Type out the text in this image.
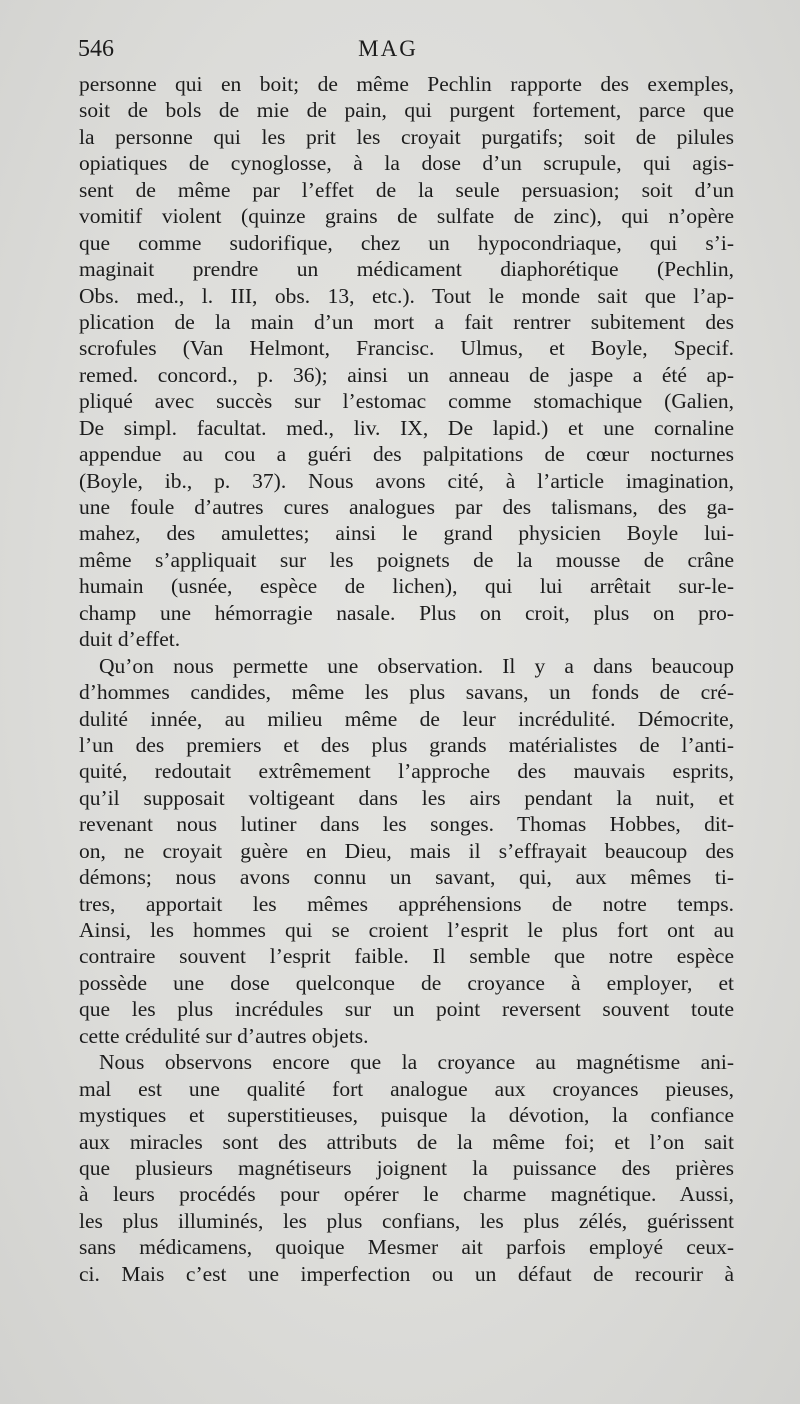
546	MAG
personne qui en boit; de même Pechlin rapporte des exemples,
soit de bols de mie de pain, qui purgent fortement, parce que
la personne qui les prit les croyait purgatifs; soit de pilules
opiatiques de cynoglosse, à la dose d’un scrupule, qui agis-
sent de même par l’effet de la seule persuasion; soit d’un
vomitif violent (quinze grains de sulfate de zinc), qui n’opère
que comme sudorifique, chez un hypocondriaque, qui s’i-
maginait prendre un médicament diaphorétique (Pechlin,
Obs. med., l. III, obs. 13, etc.). Tout le monde sait que l’ap-
plication de la main d’un mort a fait rentrer subitement des
scrofules (Van Helmont, Francisc. Ulmus, et Boyle, Specif.
remed. concord., p. 36); ainsi un anneau de jaspe a été ap-
pliqué avec succès sur l’estomac comme stomachique (Galien,
De simpl. facultat. med., liv. IX, De lapid.) et une cornaline
appendue au cou a guéri des palpitations de cœur nocturnes
(Boyle, ib., p. 37). Nous avons cité, à l’article imagination,
une foule d’autres cures analogues par des talismans, des ga-
mahez, des amulettes; ainsi le grand physicien Boyle lui-
même s’appliquait sur les poignets de la mousse de crâne
humain (usnée, espèce de lichen), qui lui arrêtait sur-le-
champ une hémorragie nasale. Plus on croit, plus on pro-
duit d’effet.
Qu’on nous permette une observation. Il y a dans beaucoup
d’hommes candides, même les plus savans, un fonds de cré-
dulité innée, au milieu même de leur incrédulité. Démocrite,
l’un des premiers et des plus grands matérialistes de l’anti-
quité, redoutait extrêmement l’approche des mauvais esprits,
qu’il supposait voltigeant dans les airs pendant la nuit, et
revenant nous lutiner dans les songes. Thomas Hobbes, dit-
on, ne croyait guère en Dieu, mais il s’effrayait beaucoup des
démons; nous avons connu un savant, qui, aux mêmes ti-
tres, apportait les mêmes appréhensions de notre temps.
Ainsi, les hommes qui se croient l’esprit le plus fort ont au
contraire souvent l’esprit faible. Il semble que notre espèce
possède une dose quelconque de croyance à employer, et
que les plus incrédules sur un point reversent souvent toute
cette crédulité sur d’autres objets.
Nous observons encore que la croyance au magnétisme ani-
mal est une qualité fort analogue aux croyances pieuses,
mystiques et superstitieuses, puisque la dévotion, la confiance
aux miracles sont des attributs de la même foi; et l’on sait
que plusieurs magnétiseurs joignent la puissance des prières
à leurs procédés pour opérer le charme magnétique. Aussi,
les plus illuminés, les plus confians, les plus zélés, guérissent
sans médicamens, quoique Mesmer ait parfois employé ceux-
ci. Mais c’est une imperfection ou un défaut de recourir à
